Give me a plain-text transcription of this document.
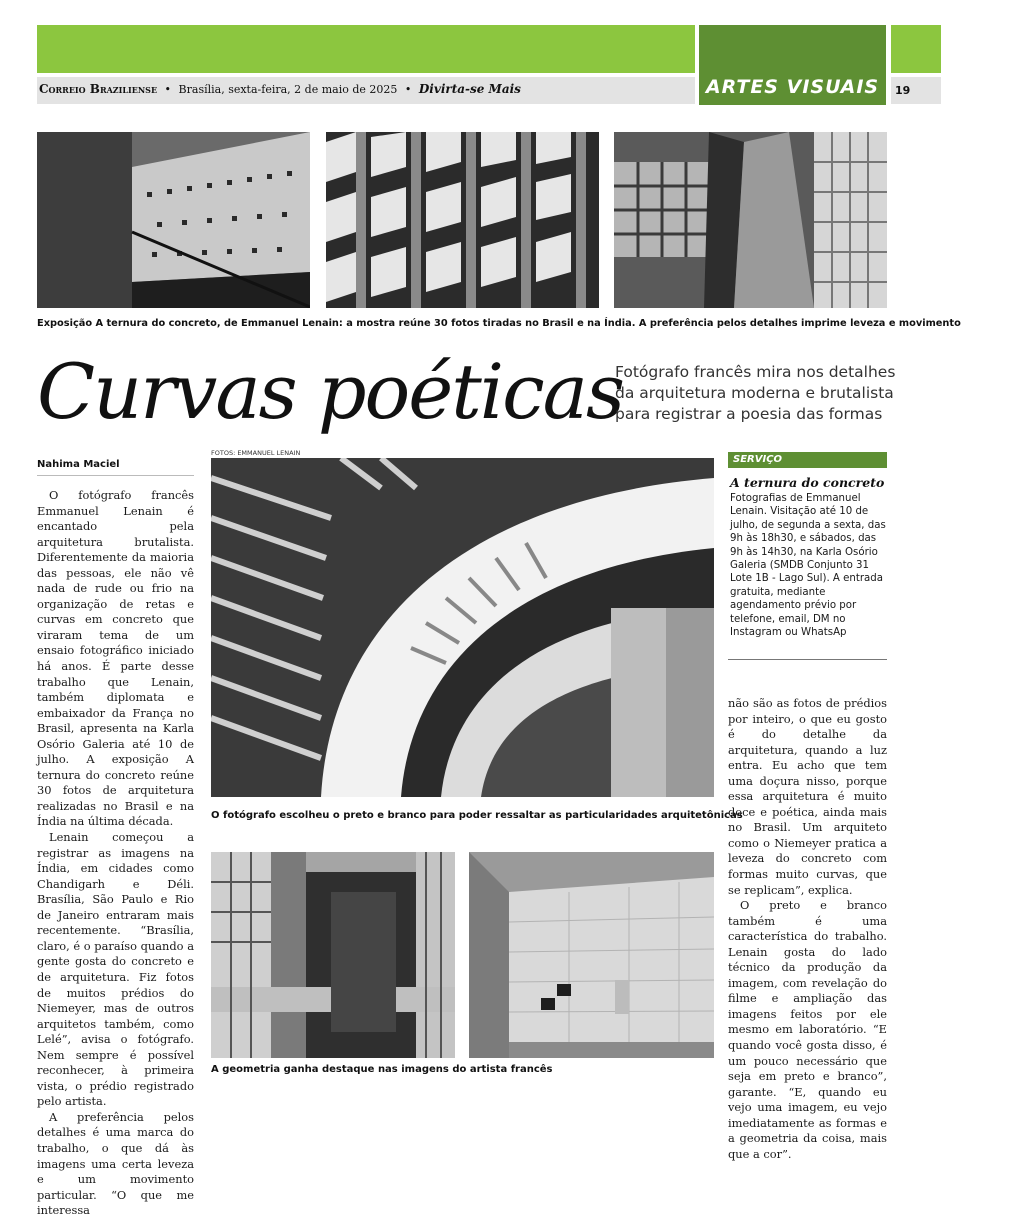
ARTES VISUAIS
Correio Braziliense • Brasília, sexta-feira, 2 de maio de 2025 • Divirta-se Mais	19
Exposição A ternura do concreto, de Emmanuel Lenain: a mostra reúne 30 fotos tiradas no Brasil e na Índia. A preferência pelos detalhes imprime leveza e movimento
Curvas poéticas
Fotógrafo francês mira nos detalhes da arquitetura moderna e brutalista para registrar a poesia das formas
Nahima Maciel

O fotógrafo francês Emmanuel Lenain é encantado pela arquitetura brutalista. Diferentemente da maioria das pessoas, ele não vê nada de rude ou frio na organização de retas e curvas em concreto que viraram tema de um ensaio fotográfico iniciado há anos. É parte desse trabalho que Lenain, também diplomata e embaixador da França no Brasil, apresenta na Karla Osório Galeria até 10 de julho. A exposição A ternura do concreto reúne 30 fotos de arquitetura realizadas no Brasil e na Índia na última década.

Lenain começou a registrar as imagens na Índia, em cidades como Chandigarh e Déli. Brasília, São Paulo e Rio de Janeiro entraram mais recentemente. “Brasília, claro, é o paraíso quando a gente gosta do concreto e de arquitetura. Fiz fotos de muitos prédios do Niemeyer, mas de outros arquitetos também, como Lelé”, avisa o fotógrafo. Nem sempre é possível reconhecer, à primeira vista, o prédio registrado pelo artista.

A preferência pelos detalhes é uma marca do trabalho, o que dá às imagens uma certa leveza e um movimento particular. “O que me interessa

FOTOS: EMMANUEL LENAIN
O fotógrafo escolheu o preto e branco para poder ressaltar as particularidades arquitetônicas
A geometria ganha destaque nas imagens do artista francês
SERVIÇO
A ternura do concreto
Fotografias de Emmanuel Lenain. Visitação até 10 de julho, de segunda a sexta, das 9h às 18h30, e sábados, das 9h às 14h30, na Karla Osório Galeria (SMDB Conjunto 31 Lote 1B - Lago Sul). A entrada gratuita, mediante agendamento prévio por telefone, email, DM no Instagram ou WhatsAp

não são as fotos de prédios por inteiro, o que eu gosto é do detalhe da arquitetura, quando a luz entra. Eu acho que tem uma doçura nisso, porque essa arquitetura é muito doce e poética, ainda mais no Brasil. Um arquiteto como o Niemeyer pratica a leveza do concreto com formas muito curvas, que se replicam”, explica.

O preto e branco também é uma característica do trabalho. Lenain gosta do lado técnico da produção da imagem, com revelação do filme e ampliação das imagens feitos por ele mesmo em laboratório. “E quando você gosta disso, é um pouco necessário que seja em preto e branco”, garante. “E, quando eu vejo uma imagem, eu vejo imediatamente as formas e a geometria da coisa, mais que a cor”.
